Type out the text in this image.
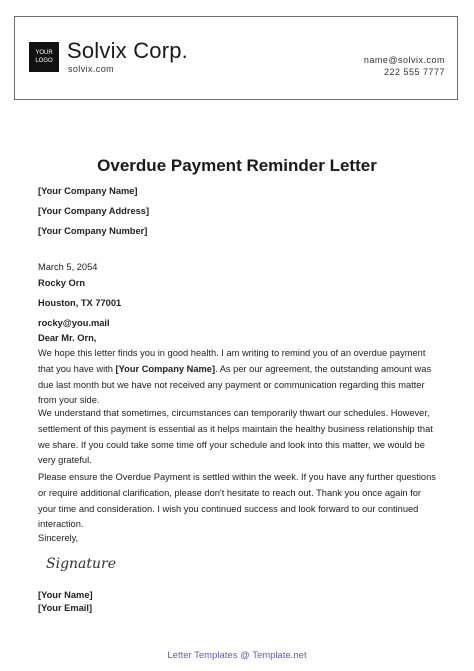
YOUR
LOGO Solvix Corp.
solvix.com
name@solvix.com
222 555 7777
Overdue Payment Reminder Letter
[Your Company Name]
[Your Company Address]
[Your Company Number]
March 5, 2054
Rocky Orn
Houston, TX 77001
rocky@you.mail
Dear Mr. Orn,
We hope this letter finds you in good health. I am writing to remind you of an overdue payment that you have with [Your Company Name]. As per our agreement, the outstanding amount was due last month but we have not received any payment or communication regarding this matter from your side.
We understand that sometimes, circumstances can temporarily thwart our schedules. However, settlement of this payment is essential as it helps maintain the healthy business relationship that we share. If you could take some time off your schedule and look into this matter, we would be very grateful.
Please ensure the Overdue Payment is settled within the week. If you have any further questions or require additional clarification, please don't hesitate to reach out. Thank you once again for your time and consideration. I wish you continued success and look forward to our continued interaction.
Sincerely,
Signature
[Your Name]
[Your Email]
Letter Templates @ Template.net
